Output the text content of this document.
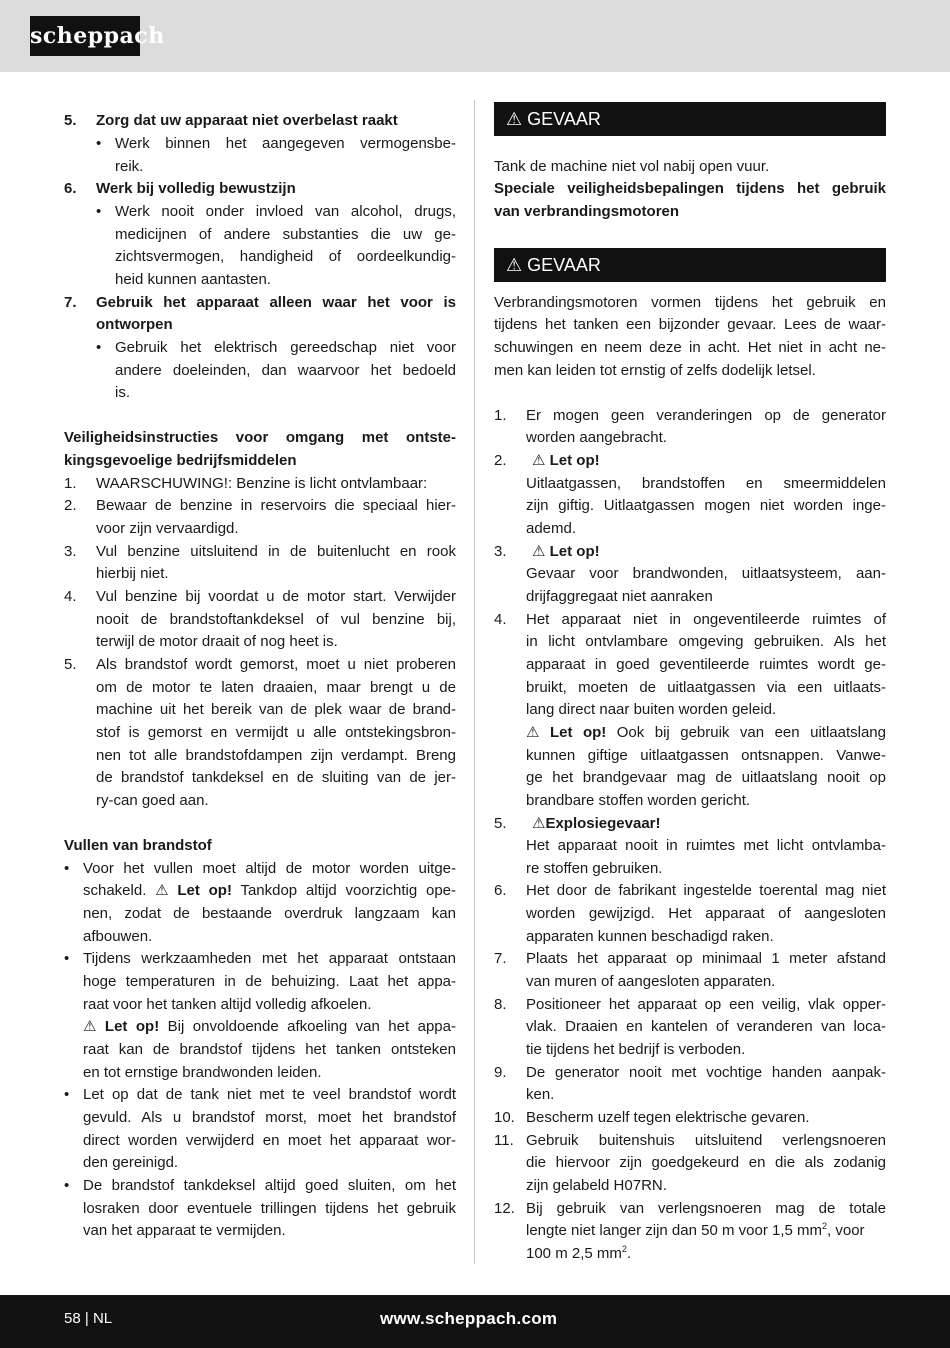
scheppach
5. Zorg dat uw apparaat niet overbelast raakt
• Werk binnen het aangegeven vermogensbe-
reik.
6. Werk bij volledig bewustzijn
• Werk nooit onder invloed van alcohol, drugs,
medicijnen of andere substanties die uw ge-
zichtsvermogen, handigheid of oordeelkundig-
heid kunnen aantasten.
7. Gebruik het apparaat alleen waar het voor is
ontworpen
• Gebruik het elektrisch gereedschap niet voor
andere doeleinden, dan waarvoor het bedoeld
is.
Veiligheidsinstructies voor omgang met ontste-
kingsgevoelige bedrijfsmiddelen
1. WAARSCHUWING!: Benzine is licht ontvlambaar:
2. Bewaar de benzine in reservoirs die speciaal hier-
voor zijn vervaardigd.
3. Vul benzine uitsluitend in de buitenlucht en rook
hierbij niet.
4. Vul benzine bij voordat u de motor start. Verwijder
nooit de brandstoftankdeksel of vul benzine bij,
terwijl de motor draait of nog heet is.
5. Als brandstof wordt gemorst, moet u niet proberen
om de motor te laten draaien, maar brengt u de
machine uit het bereik van de plek waar de brand-
stof is gemorst en vermijdt u alle ontstekingsbron-
nen tot alle brandstofdampen zijn verdampt. Breng
de brandstof tankdeksel en de sluiting van de jer-
ry-can goed aan.
Vullen van brandstof
• Voor het vullen moet altijd de motor worden uitge-
schakeld. ⚠ Let op! Tankdop altijd voorzichtig ope-
nen, zodat de bestaande overdruk langzaam kan
afbouwen.
• Tijdens werkzaamheden met het apparaat ontstaan
hoge temperaturen in de behuizing. Laat het appa-
raat voor het tanken altijd volledig afkoelen.
⚠ Let op! Bij onvoldoende afkoeling van het appa-
raat kan de brandstof tijdens het tanken ontsteken
en tot ernstige brandwonden leiden.
• Let op dat de tank niet met te veel brandstof wordt
gevuld. Als u brandstof morst, moet het brandstof
direct worden verwijderd en moet het apparaat wor-
den gereinigd.
• De brandstof tankdeksel altijd goed sluiten, om het
losraken door eventuele trillingen tijdens het gebruik
van het apparaat te vermijden.
⚠ GEVAAR
⚠ GEVAAR
Tank de machine niet vol nabij open vuur.
Speciale veiligheidsbepalingen tijdens het gebruik
van verbrandingsmotoren
Verbrandingsmotoren vormen tijdens het gebruik en
tijdens het tanken een bijzonder gevaar. Lees de waar-
schuwingen en neem deze in acht. Het niet in acht ne-
men kan leiden tot ernstig of zelfs dodelijk letsel.
1. Er mogen geen veranderingen op de generator
worden aangebracht.
2. ⚠ Let op!
Uitlaatgassen, brandstoffen en smeermiddelen
zijn giftig. Uitlaatgassen mogen niet worden inge-
ademd.
3. ⚠ Let op!
Gevaar voor brandwonden, uitlaatsysteem, aan-
drijfaggregaat niet aanraken
4. Het apparaat niet in ongeventileerde ruimtes of
in licht ontvlambare omgeving gebruiken. Als het
apparaat in goed geventileerde ruimtes wordt ge-
bruikt, moeten de uitlaatgassen via een uitlaats-
lang direct naar buiten worden geleid.
⚠ Let op! Ook bij gebruik van een uitlaatslang
kunnen giftige uitlaatgassen ontsnappen. Vanwe-
ge het brandgevaar mag de uitlaatslang nooit op
brandbare stoffen worden gericht.
5. ⚠Explosiegevaar!
Het apparaat nooit in ruimtes met licht ontvlamba-
re stoffen gebruiken.
6. Het door de fabrikant ingestelde toerental mag niet
worden gewijzigd. Het apparaat of aangesloten
apparaten kunnen beschadigd raken.
7. Plaats het apparaat op minimaal 1 meter afstand
van muren of aangesloten apparaten.
8. Positioneer het apparaat op een veilig, vlak opper-
vlak. Draaien en kantelen of veranderen van loca-
tie tijdens het bedrijf is verboden.
9. De generator nooit met vochtige handen aanpak-
ken.
10. Bescherm uzelf tegen elektrische gevaren.
11. Gebruik buitenshuis uitsluitend verlengsnoeren
die hiervoor zijn goedgekeurd en die als zodanig
zijn gelabeld H07RN.
12. Bij gebruik van verlengsnoeren mag de totale
lengte niet langer zijn dan 50 m voor 1,5 $mm^2$, voor
100 m 2,5 $mm^2$.
58 | NL	www.scheppach.com
